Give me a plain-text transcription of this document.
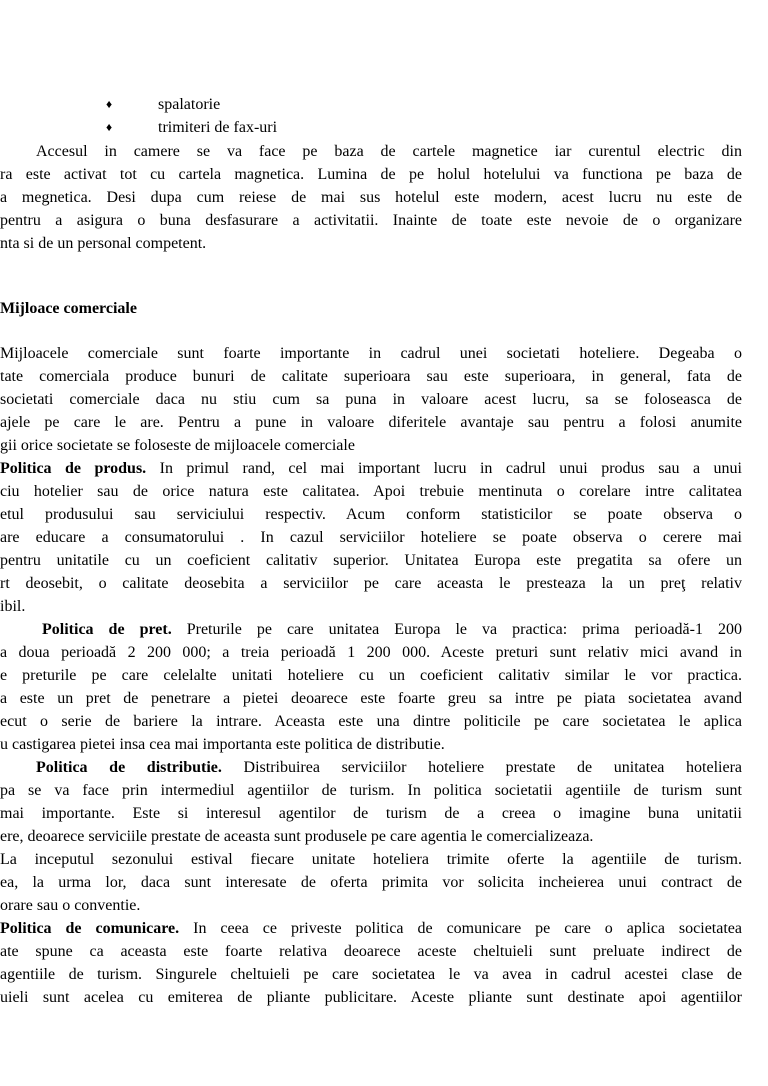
♦	spalatorie
♦	trimiteri de fax-uri
Accesul in camere se va face pe baza de cartele magnetice iar curentul electric din
ra este activat tot cu cartela magnetica. Lumina de pe holul hotelului va functiona pe baza de
a megnetica. Desi dupa cum reiese de mai sus hotelul este modern, acest lucru nu este de
pentru a asigura o buna desfasurare a activitatii. Inainte de toate este nevoie de o organizare
nta si de un personal competent.
Mijloace comerciale
Mijloacele comerciale sunt foarte importante in cadrul unei societati hoteliere. Degeaba o
tate comerciala produce bunuri de calitate superioara sau este superioara, in general, fata de
societati comerciale daca nu stiu cum sa puna in valoare acest lucru, sa se foloseasca de
ajele pe care le are. Pentru a pune in valoare diferitele avantaje sau pentru a folosi anumite
gii orice societate se foloseste de mijloacele comerciale
Politica de produs. In primul rand, cel mai important lucru in cadrul unui produs sau a unui
ciu hotelier sau de orice natura este calitatea. Apoi trebuie mentinuta o corelare intre calitatea
etul produsului sau serviciului respectiv. Acum conform statisticilor se poate observa o
are educare a consumatorului . In cazul serviciilor hoteliere se poate observa o cerere mai
pentru unitatile cu un coeficient calitativ superior. Unitatea Europa este pregatita sa ofere un
rt deosebit, o calitate deosebita a serviciilor pe care aceasta le presteaza la un preţ relativ
ibil.
Politica de pret. Preturile pe care unitatea Europa le va practica: prima perioadă-1 200
a doua perioadă 2 200 000; a treia perioadă 1 200 000. Aceste preturi sunt relativ mici avand in
e preturile pe care celelalte unitati hoteliere cu un coeficient calitativ similar le vor practica.
a este un pret de penetrare a pietei deoarece este foarte greu sa intre pe piata societatea avand
ecut o serie de bariere la intrare. Aceasta este una dintre politicile pe care societatea le aplica
u castigarea pietei insa cea mai importanta este politica de distributie.
Politica de distributie. Distribuirea serviciilor hoteliere prestate de unitatea hoteliera
pa se va face prin intermediul agentiilor de turism. In politica societatii agentiile de turism sunt
mai importante. Este si interesul agentilor de turism de a creea o imagine buna unitatii
ere, deoarece serviciile prestate de aceasta sunt produsele pe care agentia le comercializeaza.
La inceputul sezonului estival fiecare unitate hoteliera trimite oferte la agentiile de turism.
ea, la urma lor, daca sunt interesate de oferta primita vor solicita incheierea unui contract de
orare sau o conventie.
Politica de comunicare. In ceea ce priveste politica de comunicare pe care o aplica societatea
ate spune ca aceasta este foarte relativa deoarece aceste cheltuieli sunt preluate indirect de
agentiile de turism. Singurele cheltuieli pe care societatea le va avea in cadrul acestei clase de
uieli sunt acelea cu emiterea de pliante publicitare. Aceste pliante sunt destinate apoi agentiilor
